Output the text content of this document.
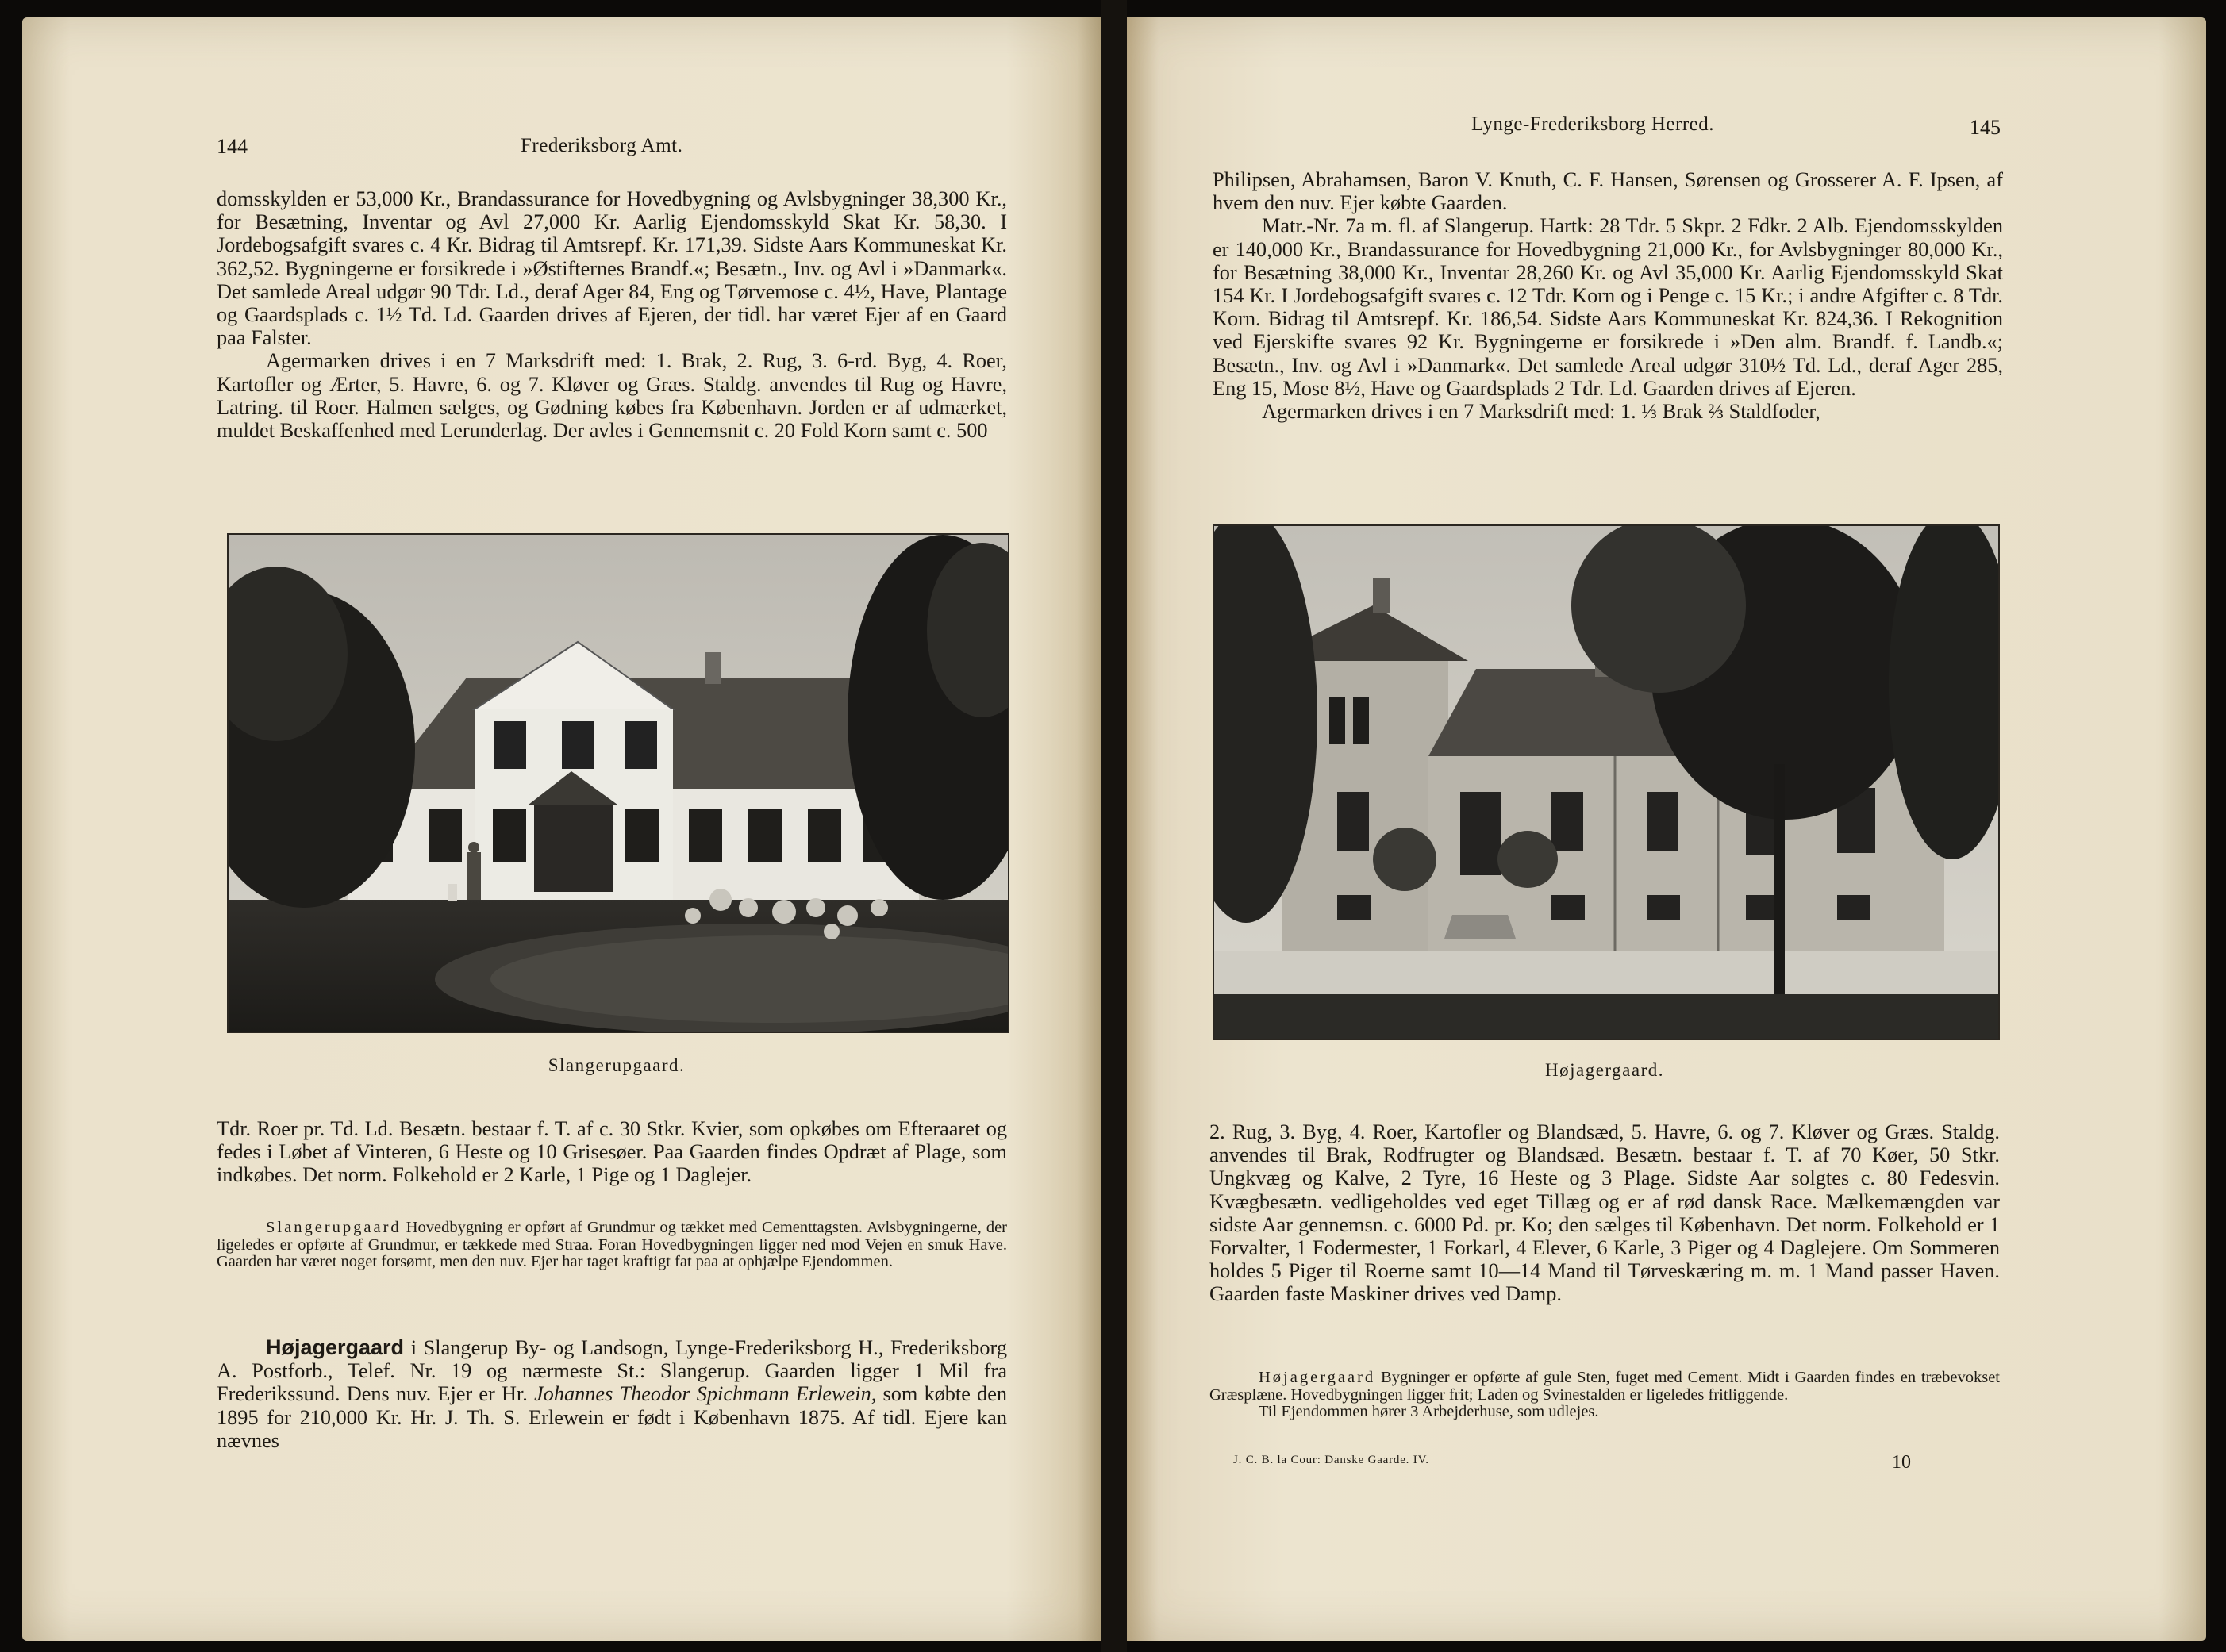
144	Frederiksborg Amt.

domsskylden er 53,000 Kr., Brandassurance for Hovedbygning og Avlsbygninger 38,300 Kr., for Besætning, Inventar og Avl 27,000 Kr. Aarlig Ejendomsskyld Skat Kr. 58,30. I Jordebogsafgift svares c. 4 Kr. Bidrag til Amtsrepf. Kr. 171,39. Sidste Aars Kommuneskat Kr. 362,52. Bygningerne er forsikrede i »Østifternes Brandf.«; Besætn., Inv. og Avl i »Danmark«. Det samlede Areal udgør 90 Tdr. Ld., deraf Ager 84, Eng og Tørvemose c. 4½, Have, Plantage og Gaardsplads c. 1½ Td. Ld. Gaarden drives af Ejeren, der tidl. har været Ejer af en Gaard paa Falster.

Agermarken drives i en 7 Marksdrift med: 1. Brak, 2. Rug, 3. 6-rd. Byg, 4. Roer, Kartofler og Ærter, 5. Havre, 6. og 7. Kløver og Græs. Staldg. anvendes til Rug og Havre, Latring. til Roer. Halmen sælges, og Gødning købes fra København. Jorden er af udmærket, muldet Beskaffenhed med Lerunderlag. Der avles i Gennemsnit c. 20 Fold Korn samt c. 500

Slangerupgaard.

Tdr. Roer pr. Td. Ld. Besætn. bestaar f. T. af c. 30 Stkr. Kvier, som opkøbes om Efteraaret og fedes i Løbet af Vinteren, 6 Heste og 10 Grisesøer. Paa Gaarden findes Opdræt af Plage, som indkøbes. Det norm. Folkehold er 2 Karle, 1 Pige og 1 Daglejer.

Slangerupgaard Hovedbygning er opført af Grundmur og tækket med Cementtagsten. Avlsbygningerne, der ligeledes er opførte af Grundmur, er tækkede med Straa. Foran Hovedbygningen ligger ned mod Vejen en smuk Have. Gaarden har været noget forsømt, men den nuv. Ejer har taget kraftigt fat paa at ophjælpe Ejendommen.

Højagergaard i Slangerup By- og Landsogn, Lynge-Frederiksborg H., Frederiksborg A. Postforb., Telef. Nr. 19 og nærmeste St.: Slangerup. Gaarden ligger 1 Mil fra Frederikssund. Dens nuv. Ejer er Hr. Johannes Theodor Spichmann Erlewein, som købte den 1895 for 210,000 Kr. Hr. J. Th. S. Erlewein er født i København 1875. Af tidl. Ejere kan nævnes

Lynge-Frederiksborg Herred.	145

Philipsen, Abrahamsen, Baron V. Knuth, C. F. Hansen, Sørensen og Grosserer A. F. Ipsen, af hvem den nuv. Ejer købte Gaarden.

Matr.-Nr. 7a m. fl. af Slangerup. Hartk: 28 Tdr. 5 Skpr. 2 Fdkr. 2 Alb. Ejendomsskylden er 140,000 Kr., Brandassurance for Hovedbygning 21,000 Kr., for Avlsbygninger 80,000 Kr., for Besætning 38,000 Kr., Inventar 28,260 Kr. og Avl 35,000 Kr. Aarlig Ejendomsskyld Skat 154 Kr. I Jordebogsafgift svares c. 12 Tdr. Korn og i Penge c. 15 Kr.; i andre Afgifter c. 8 Tdr. Korn. Bidrag til Amtsrepf. Kr. 186,54. Sidste Aars Kommuneskat Kr. 824,36. I Rekognition ved Ejerskifte svares 92 Kr. Bygningerne er forsikrede i »Den alm. Brandf. f. Landb.«; Besætn., Inv. og Avl i »Danmark«. Det samlede Areal udgør 310½ Td. Ld., deraf Ager 285, Eng 15, Mose 8½, Have og Gaardsplads 2 Tdr. Ld. Gaarden drives af Ejeren.

Agermarken drives i en 7 Marksdrift med: 1. ⅓ Brak ⅔ Staldfoder,

Højagergaard.

2. Rug, 3. Byg, 4. Roer, Kartofler og Blandsæd, 5. Havre, 6. og 7. Kløver og Græs. Staldg. anvendes til Brak, Rodfrugter og Blandsæd. Besætn. bestaar f. T. af 70 Køer, 50 Stkr. Ungkvæg og Kalve, 2 Tyre, 16 Heste og 3 Plage. Sidste Aar solgtes c. 80 Fedesvin. Kvægbesætn. vedligeholdes ved eget Tillæg og er af rød dansk Race. Mælkemængden var sidste Aar gennemsn. c. 6000 Pd. pr. Ko; den sælges til København. Det norm. Folkehold er 1 Forvalter, 1 Fodermester, 1 Forkarl, 4 Elever, 6 Karle, 3 Piger og 4 Daglejere. Om Sommeren holdes 5 Piger til Roerne samt 10—14 Mand til Tørveskæring m. m. 1 Mand passer Haven. Gaarden faste Maskiner drives ved Damp.

Højagergaard Bygninger er opførte af gule Sten, fuget med Cement. Midt i Gaarden findes en træbevokset Græsplæne. Hovedbygningen ligger frit; Laden og Svinestalden er ligeledes fritliggende.

Til Ejendommen hører 3 Arbejderhuse, som udlejes.

J. C. B. la Cour: Danske Gaarde. IV.	10
